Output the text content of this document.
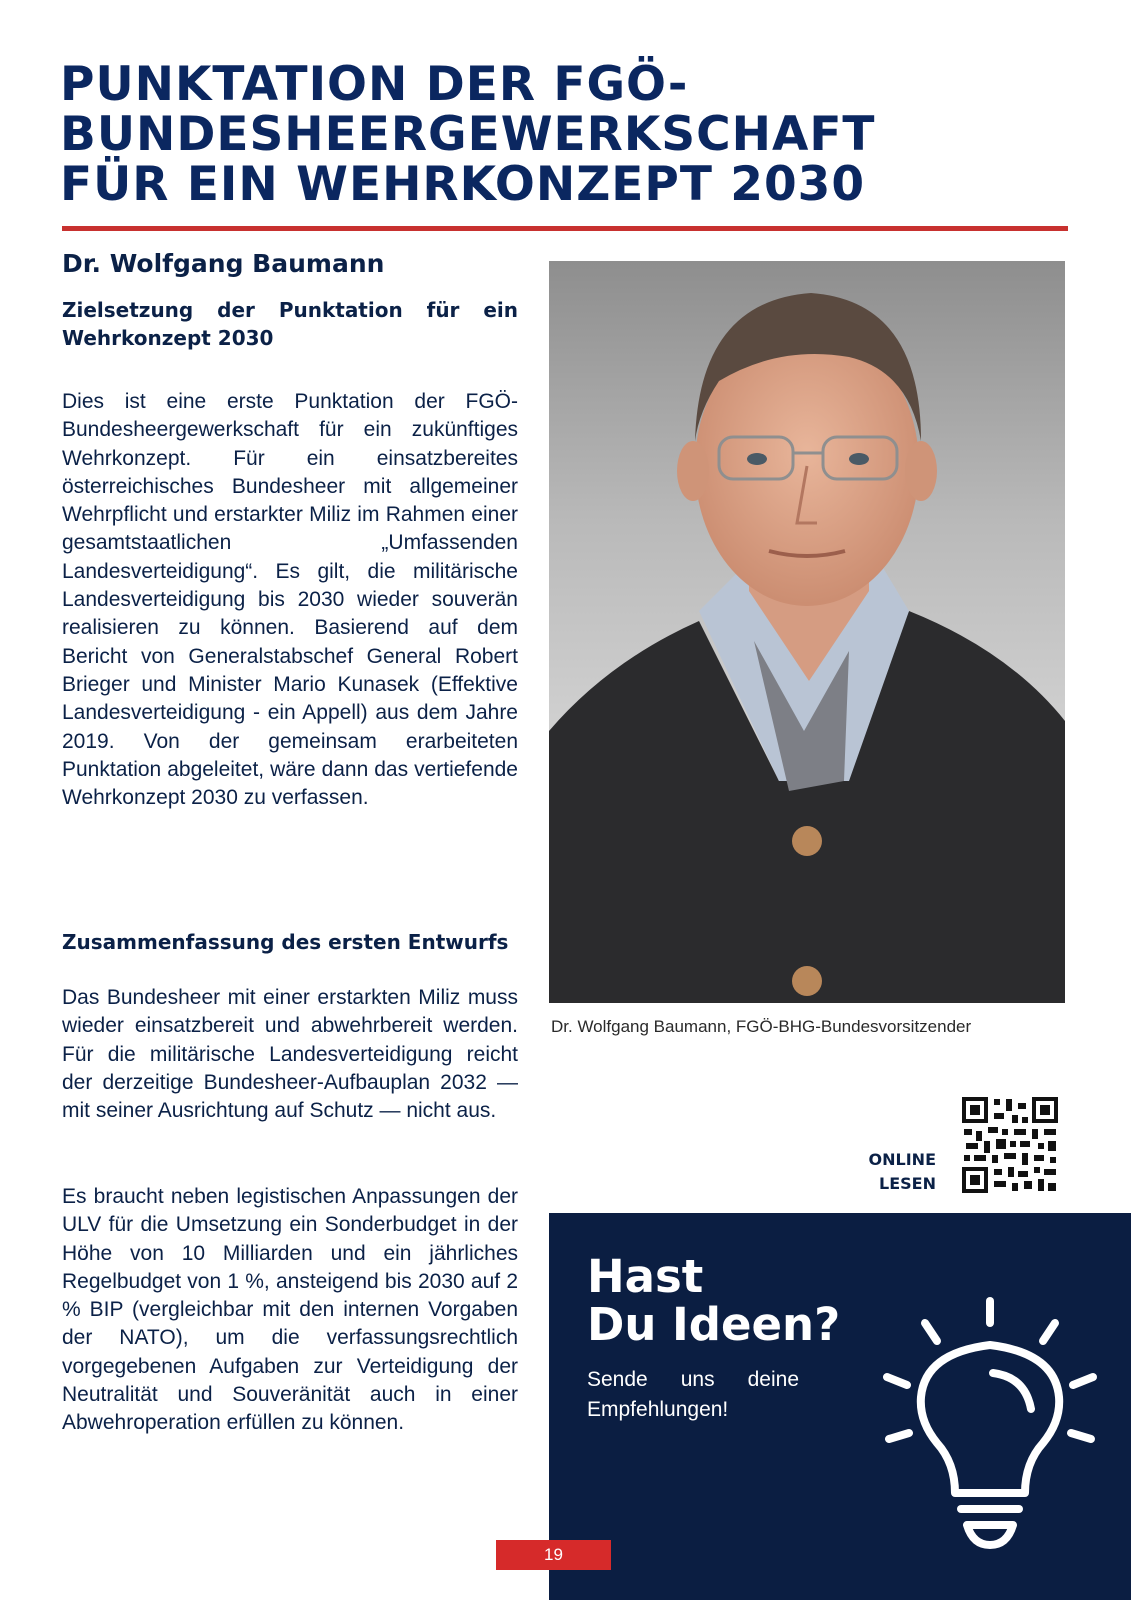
PUNKTATION DER FGÖ-
BUNDESHEERGEWERKSCHAFT
FÜR EIN WEHRKONZEPT 2030
Dr. Wolfgang Baumann
Zielsetzung der Punktation für ein Wehrkonzept 2030

Dies ist eine erste Punktation der FGÖ-Bundesheergewerkschaft für ein zukünftiges Wehrkonzept. Für ein einsatzbereites österreichisches Bundesheer mit allgemeiner Wehrpflicht und erstarkter Miliz im Rahmen einer gesamtstaatlichen „Umfassenden Landesverteidigung“. Es gilt, die militärische Landesverteidigung bis 2030 wieder souverän realisieren zu können. Basierend auf dem Bericht von Generalstabschef General Robert Brieger und Minister Mario Kunasek (Effektive Landesverteidigung - ein Appell) aus dem Jahre 2019. Von der gemeinsam erarbeiteten Punktation abgeleitet, wäre dann das vertiefende Wehrkonzept 2030 zu verfassen.

Zusammenfassung des ersten Entwurfs

Das Bundesheer mit einer erstarkten Miliz muss wieder einsatzbereit und abwehrbereit werden. Für die militärische Landesverteidigung reicht der derzeitige Bundesheer-Aufbauplan 2032 — mit seiner Ausrichtung auf Schutz — nicht aus.

Es braucht neben legistischen Anpassungen der ULV für die Umsetzung ein Sonderbudget in der Höhe von 10 Milliarden und ein jährliches Regelbudget von 1 %, ansteigend bis 2030 auf 2 % BIP (vergleichbar mit den internen Vorgaben der NATO), um die verfassungsrechtlich vorgegebenen Aufgaben zur Verteidigung der Neutralität und Souveränität auch in einer Abwehroperation erfüllen zu können.

Dr. Wolfgang Baumann, FGÖ-BHG-Bundesvorsitzender
ONLINE
LESEN
Hast
Du Ideen?

Sende uns deine Empfehlungen!

19
